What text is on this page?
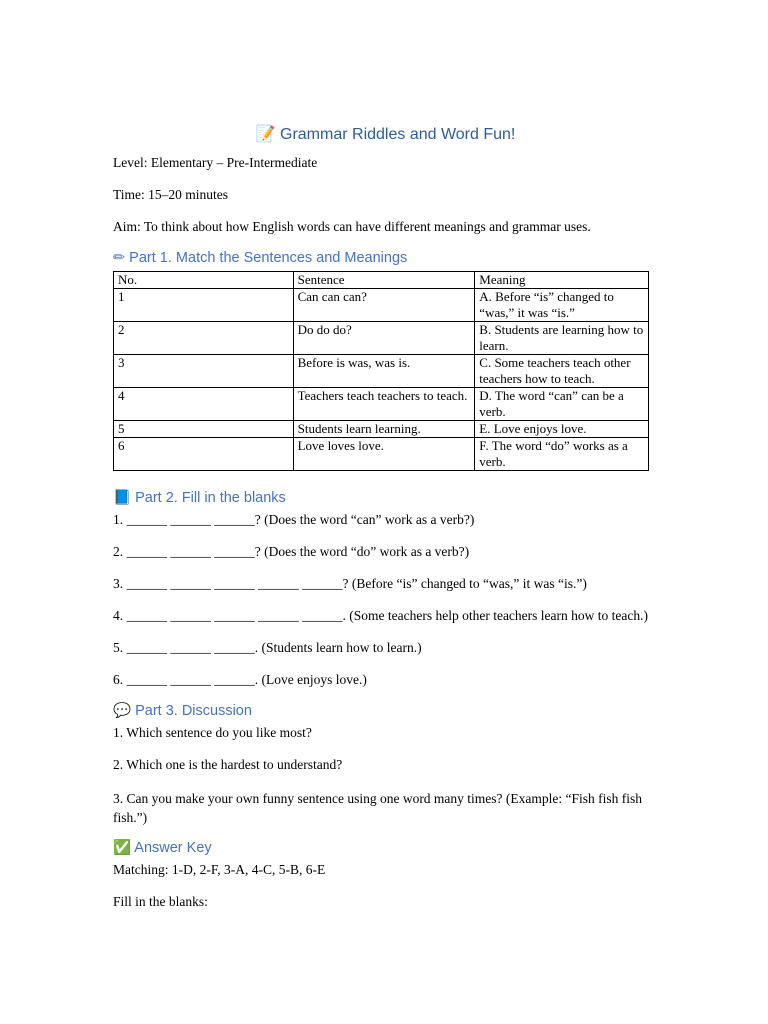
📝 Grammar Riddles and Word Fun!

Level: Elementary – Pre-Intermediate

Time: 15–20 minutes

Aim: To think about how English words can have different meanings and grammar uses.

✏ Part 1. Match the Sentences and Meanings
No.	Sentence	Meaning
1	Can can can?	A. Before “is” changed to “was,” it was “is.”
2	Do do do?	B. Students are learning how to learn.
3	Before is was, was is.	C. Some teachers teach other teachers how to teach.
4	Teachers teach teachers to teach.	D. The word “can” can be a verb.
5	Students learn learning.	E. Love enjoys love.
6	Love loves love.	F. The word “do” works as a verb.
📘 Part 2. Fill in the blanks

1. ______ ______ ______? (Does the word “can” work as a verb?)

2. ______ ______ ______? (Does the word “do” work as a verb?)

3. ______ ______ ______ ______ ______? (Before “is” changed to “was,” it was “is.”)

4. ______ ______ ______ ______ ______. (Some teachers help other teachers learn how to teach.)

5. ______ ______ ______. (Students learn how to learn.)

6. ______ ______ ______. (Love enjoys love.)

💬 Part 3. Discussion

1. Which sentence do you like most?

2. Which one is the hardest to understand?

3. Can you make your own funny sentence using one word many times? (Example: “Fish fish fish fish.”)

✅ Answer Key

Matching: 1-D, 2-F, 3-A, 4-C, 5-B, 6-E

Fill in the blanks:
